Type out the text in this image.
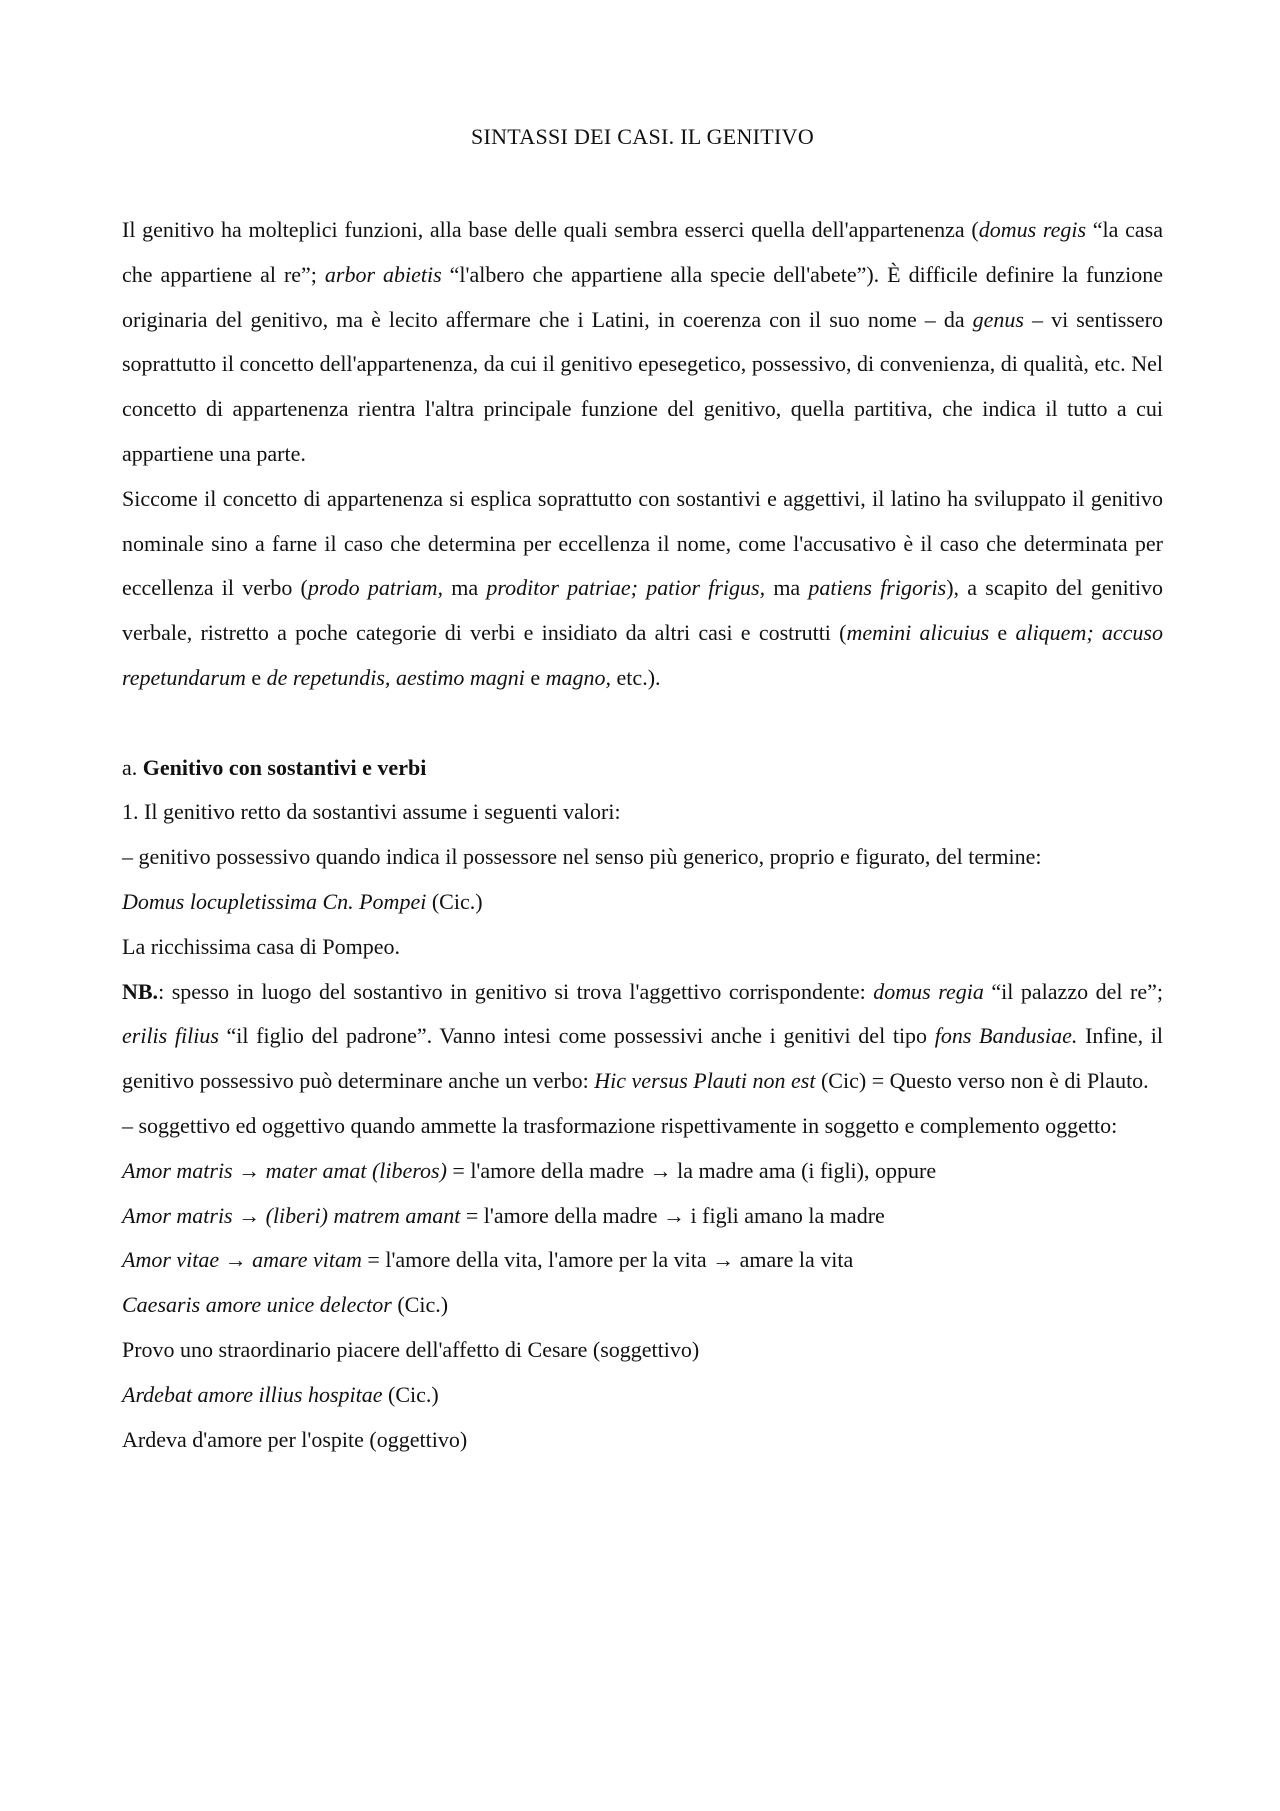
SINTASSI DEI CASI. IL GENITIVO

Il genitivo ha molteplici funzioni, alla base delle quali sembra esserci quella dell'appartenenza (domus regis “la casa che appartiene al re”; arbor abietis “l'albero che appartiene alla specie dell'abete”). È difficile definire la funzione originaria del genitivo, ma è lecito affermare che i Latini, in coerenza con il suo nome – da genus – vi sentissero soprattutto il concetto dell'appartenenza, da cui il genitivo epesegetico, possessivo, di convenienza, di qualità, etc. Nel concetto di appartenenza rientra l'altra principale funzione del genitivo, quella partitiva, che indica il tutto a cui appartiene una parte.

Siccome il concetto di appartenenza si esplica soprattutto con sostantivi e aggettivi, il latino ha sviluppato il genitivo nominale sino a farne il caso che determina per eccellenza il nome, come l'accusativo è il caso che determinata per eccellenza il verbo (prodo patriam, ma proditor patriae; patior frigus, ma patiens frigoris), a scapito del genitivo verbale, ristretto a poche categorie di verbi e insidiato da altri casi e costrutti (memini alicuius e aliquem; accuso repetundarum e de repetundis, aestimo magni e magno, etc.).

a. Genitivo con sostantivi e verbi

1. Il genitivo retto da sostantivi assume i seguenti valori:

– genitivo possessivo quando indica il possessore nel senso più generico, proprio e figurato, del termine:

Domus locupletissima Cn. Pompei (Cic.)

La ricchissima casa di Pompeo.

NB.: spesso in luogo del sostantivo in genitivo si trova l'aggettivo corrispondente: domus regia “il palazzo del re”; erilis filius “il figlio del padrone”. Vanno intesi come possessivi anche i genitivi del tipo fons Bandusiae. Infine, il genitivo possessivo può determinare anche un verbo: Hic versus Plauti non est (Cic) = Questo verso non è di Plauto.

– soggettivo ed oggettivo quando ammette la trasformazione rispettivamente in soggetto e complemento oggetto:

Amor matris → mater amat (liberos) = l'amore della madre → la madre ama (i figli), oppure

Amor matris → (liberi) matrem amant = l'amore della madre → i figli amano la madre

Amor vitae → amare vitam = l'amore della vita, l'amore per la vita → amare la vita

Caesaris amore unice delector (Cic.)

Provo uno straordinario piacere dell'affetto di Cesare (soggettivo)

Ardebat amore illius hospitae (Cic.)

Ardeva d'amore per l'ospite (oggettivo)
